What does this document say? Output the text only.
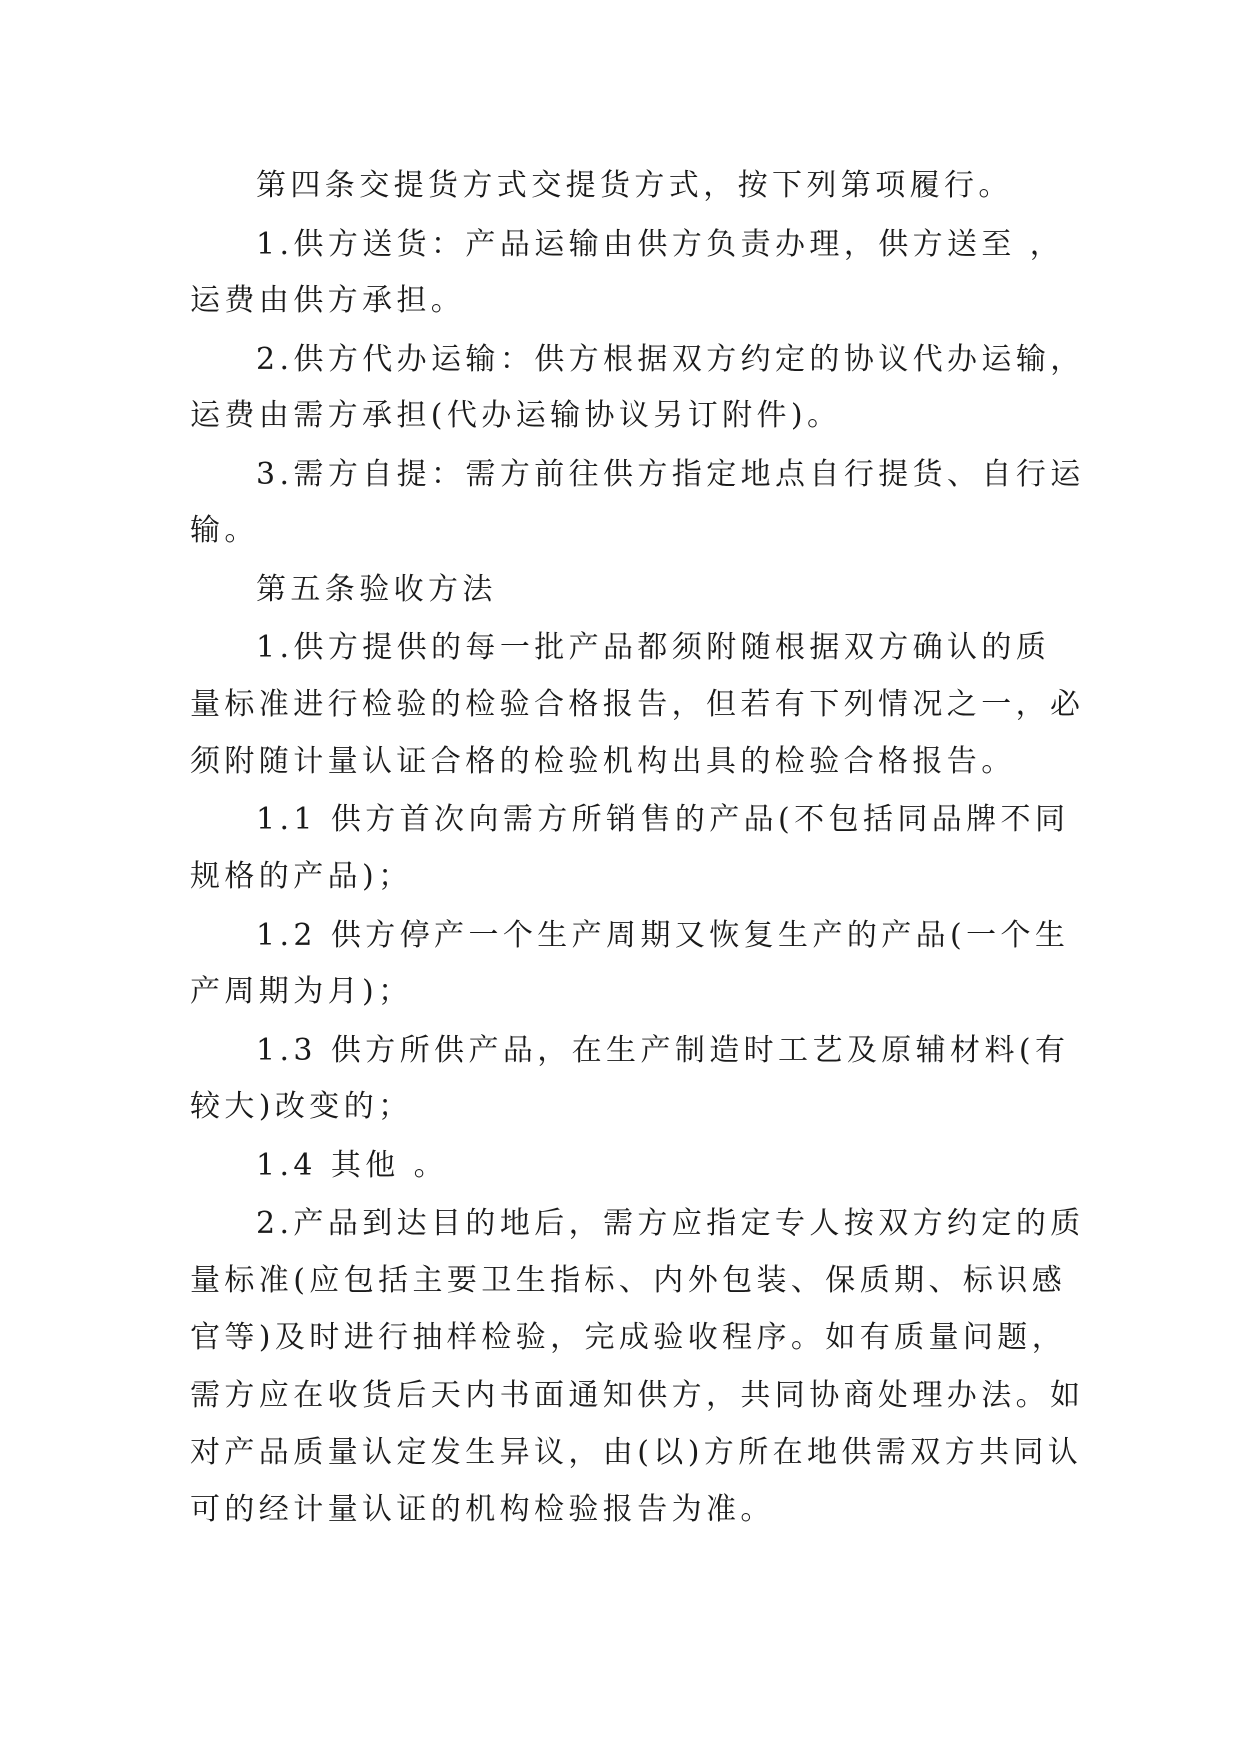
第四条交提货方式交提货方式，按下列第项履行。

1.供方送货：产品运输由供方负责办理，供方送至 ，

运费由供方承担。

2.供方代办运输：供方根据双方约定的协议代办运输，

运费由需方承担(代办运输协议另订附件)。

3.需方自提：需方前往供方指定地点自行提货、自行运

输。

第五条验收方法

1.供方提供的每一批产品都须附随根据双方确认的质

量标准进行检验的检验合格报告，但若有下列情况之一，必

须附随计量认证合格的检验机构出具的检验合格报告。

1.1 供方首次向需方所销售的产品(不包括同品牌不同

规格的产品)；

1.2 供方停产一个生产周期又恢复生产的产品(一个生

产周期为月)；

1.3 供方所供产品，在生产制造时工艺及原辅材料(有

较大)改变的；

1.4 其他 。

2.产品到达目的地后，需方应指定专人按双方约定的质

量标准(应包括主要卫生指标、内外包装、保质期、标识感

官等)及时进行抽样检验，完成验收程序。如有质量问题，

需方应在收货后天内书面通知供方，共同协商处理办法。如

对产品质量认定发生异议，由(以)方所在地供需双方共同认

可的经计量认证的机构检验报告为准。
